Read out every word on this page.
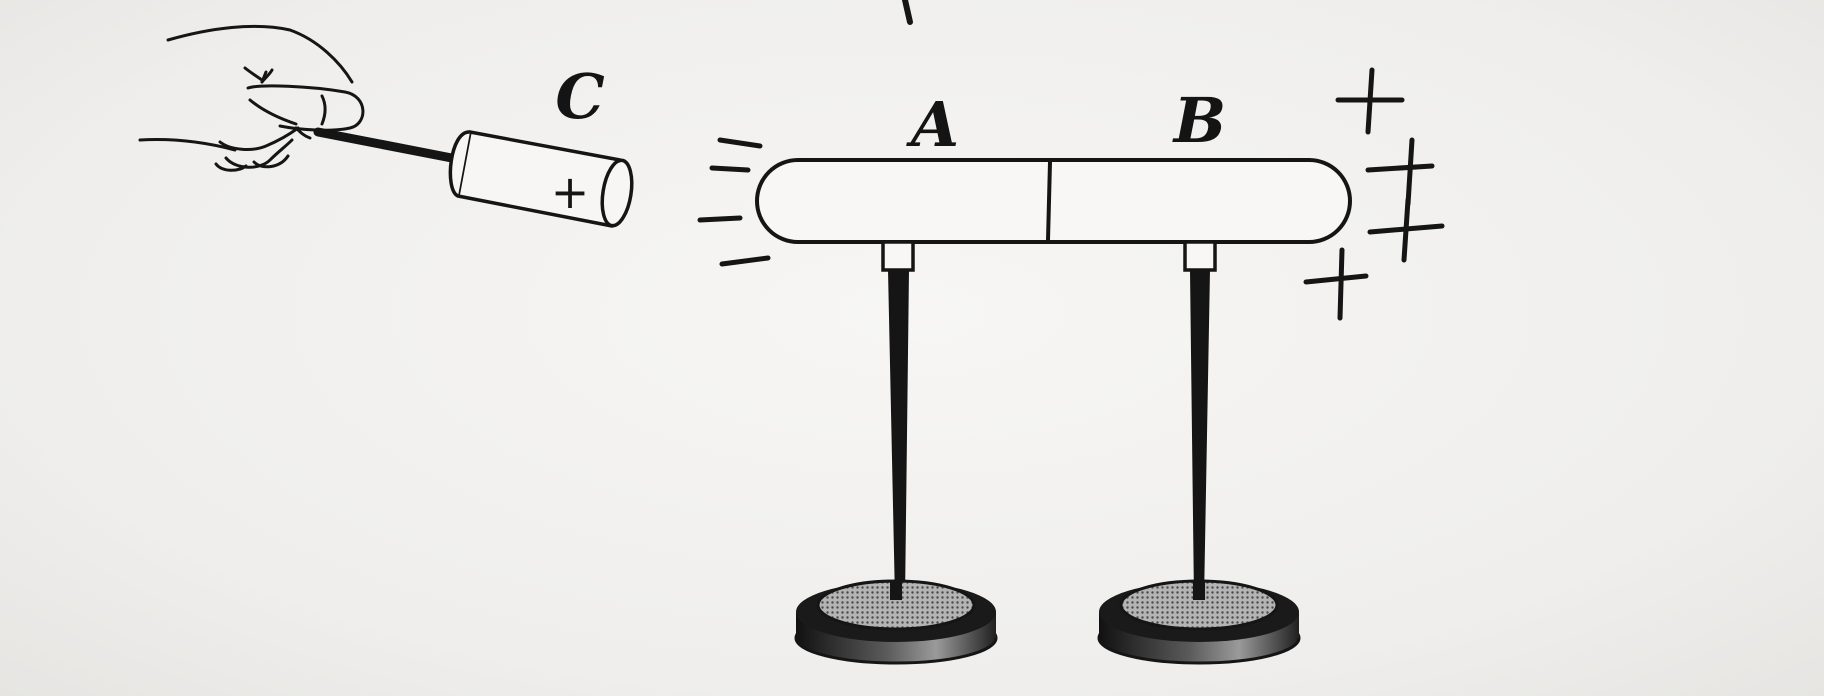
+
C	A	B
